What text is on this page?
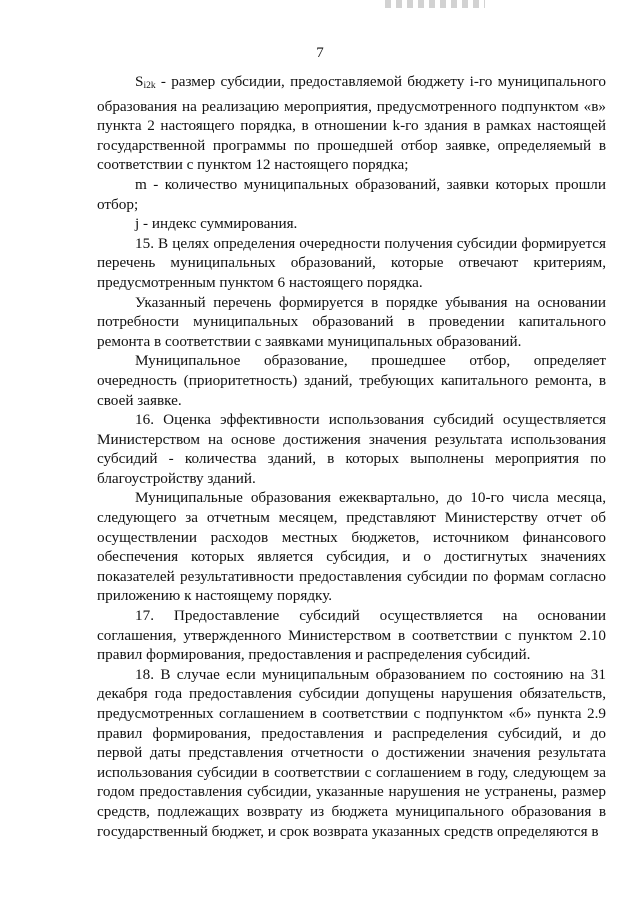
7

$S_{i2k}$ - размер субсидии, предоставляемой бюджету i-го муниципального образования на реализацию мероприятия, предусмотренного подпунктом «в» пункта 2 настоящего порядка, в отношении k-го здания в рамках настоящей государственной программы по прошедшей отбор заявке, определяемый в соответствии с пунктом 12 настоящего порядка;

m - количество муниципальных образований, заявки которых прошли отбор;

j - индекс суммирования.

15. В целях определения очередности получения субсидии формируется перечень муниципальных образований, которые отвечают критериям, предусмотренным пунктом 6 настоящего порядка.

Указанный перечень формируется в порядке убывания на основании потребности муниципальных образований в проведении капитального ремонта в соответствии с заявками муниципальных образований.

Муниципальное образование, прошедшее отбор, определяет очередность (приоритетность) зданий, требующих капитального ремонта, в своей заявке.

16. Оценка эффективности использования субсидий осуществляется Министерством на основе достижения значения результата использования субсидий - количества зданий, в которых выполнены мероприятия по благоустройству зданий.

Муниципальные образования ежеквартально, до 10-го числа месяца, следующего за отчетным месяцем, представляют Министерству отчет об осуществлении расходов местных бюджетов, источником финансового обеспечения которых является субсидия, и о достигнутых значениях показателей результативности предоставления субсидии по формам согласно приложению к настоящему порядку.

17. Предоставление субсидий осуществляется на основании соглашения, утвержденного Министерством в соответствии с пунктом 2.10 правил формирования, предоставления и распределения субсидий.

18. В случае если муниципальным образованием по состоянию на 31 декабря года предоставления субсидии допущены нарушения обязательств, предусмотренных соглашением в соответствии с подпунктом «б» пункта 2.9 правил формирования, предоставления и распределения субсидий, и до первой даты представления отчетности о достижении значения результата использования субсидии в соответствии с соглашением в году, следующем за годом предоставления субсидии, указанные нарушения не устранены, размер средств, подлежащих возврату из бюджета муниципального образования в государственный бюджет, и срок возврата указанных средств определяются в
